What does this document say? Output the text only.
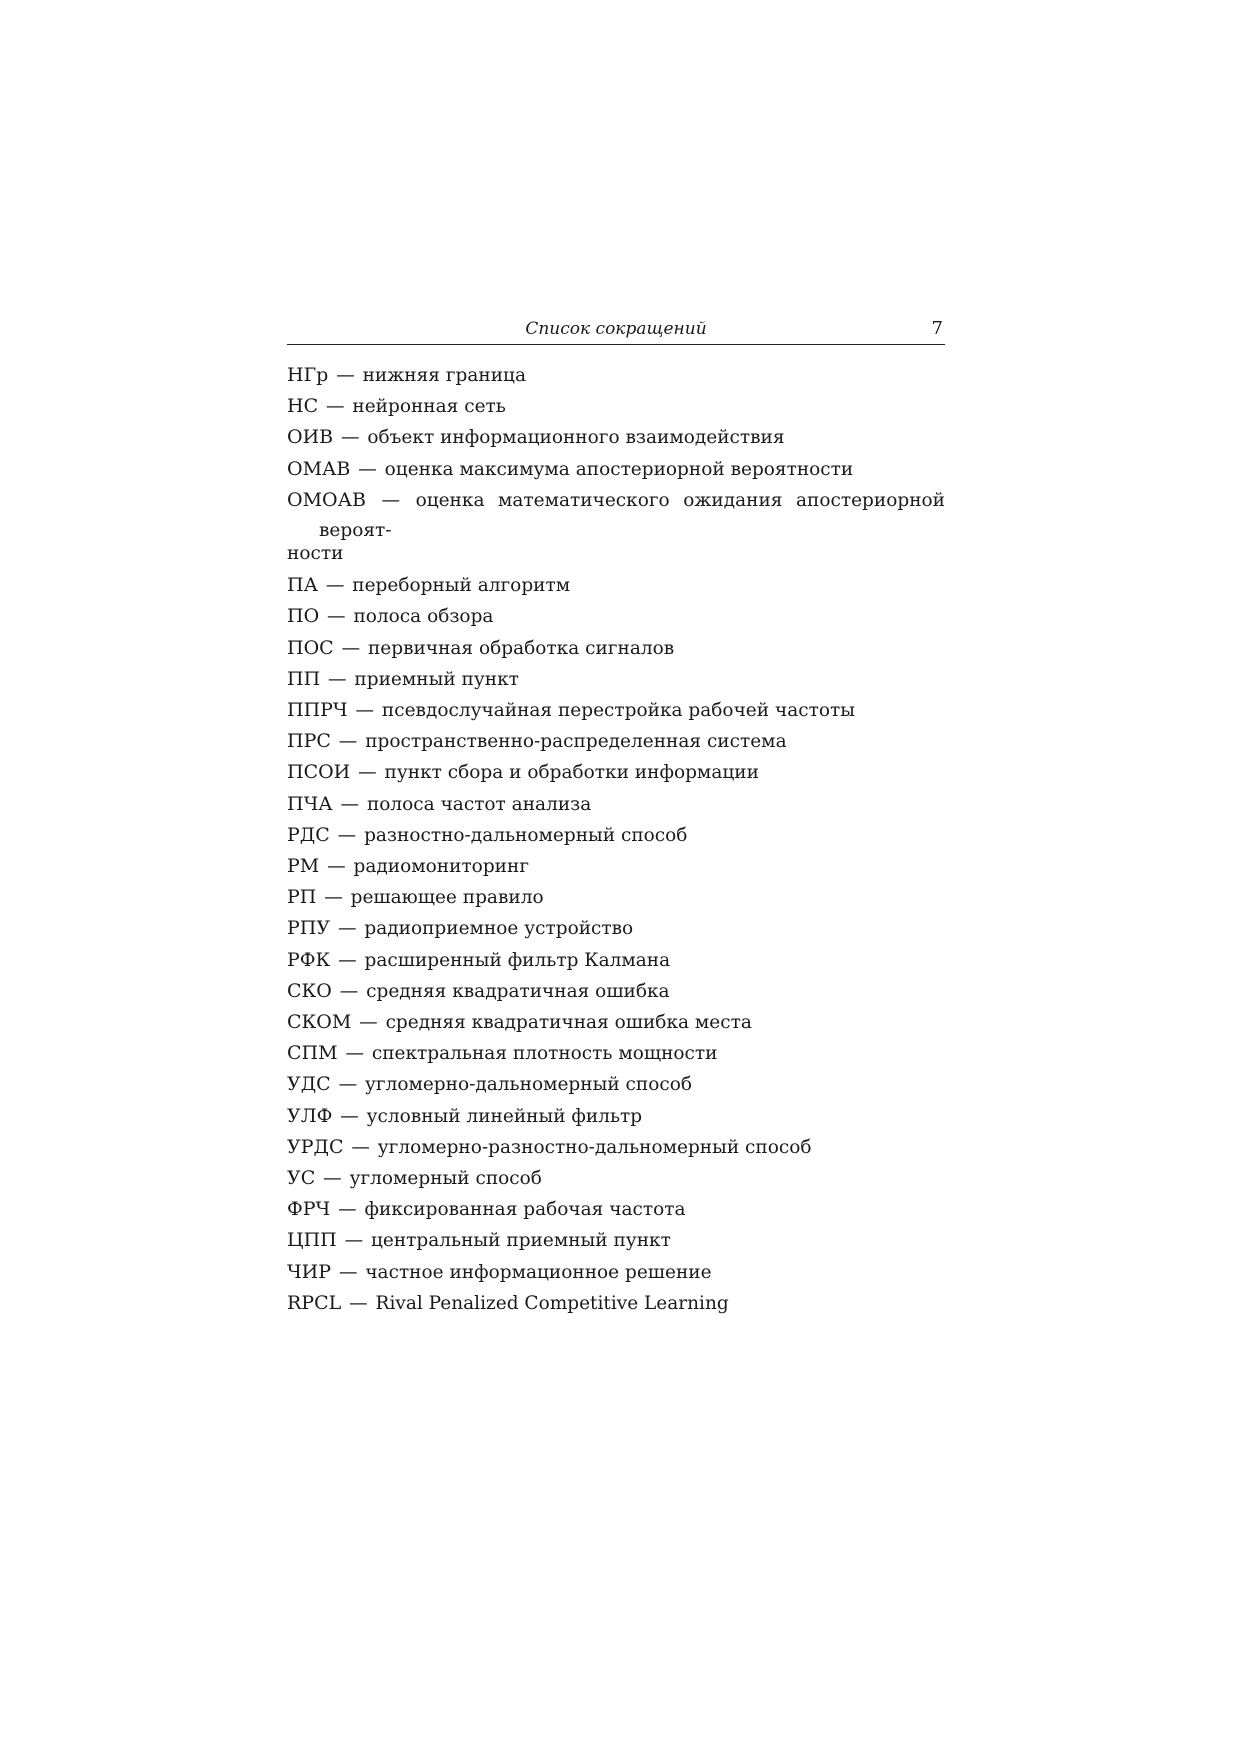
Список сокращений	7
НГр — нижняя граница
НС — нейронная сеть
ОИВ — объект информационного взаимодействия
ОМАВ — оценка максимума апостериорной вероятности
ОМОАВ — оценка математического ожидания апостериорной вероят-
ности
ПА — переборный алгоритм
ПО — полоса обзора
ПОС — первичная обработка сигналов
ПП — приемный пункт
ППРЧ — псевдослучайная перестройка рабочей частоты
ПРС — пространственно-распределенная система
ПСОИ — пункт сбора и обработки информации
ПЧА — полоса частот анализа
РДС — разностно-дальномерный способ
РМ — радиомониторинг
РП — решающее правило
РПУ — радиоприемное устройство
РФК — расширенный фильтр Калмана
СКО — средняя квадратичная ошибка
СКОМ — средняя квадратичная ошибка места
СПМ — спектральная плотность мощности
УДС — угломерно-дальномерный способ
УЛФ — условный линейный фильтр
УРДС — угломерно-разностно-дальномерный способ
УС — угломерный способ
ФРЧ — фиксированная рабочая частота
ЦПП — центральный приемный пункт
ЧИР — частное информационное решение
RPCL — Rival Penalized Competitive Learning
